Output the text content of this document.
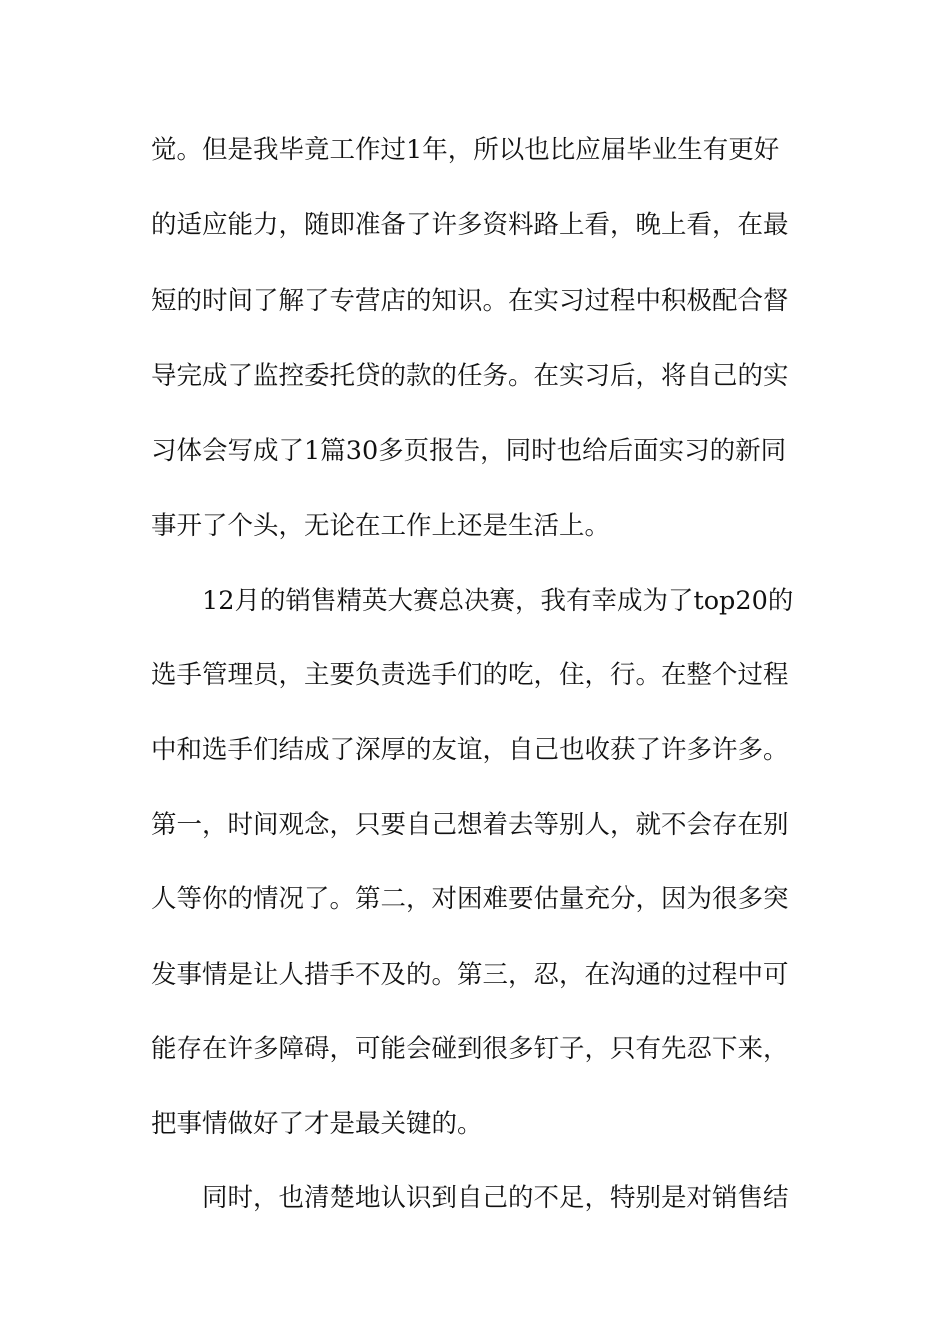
觉。但是我毕竟工作过1年，所以也比应届毕业生有更好
的适应能力，随即准备了许多资料路上看，晚上看，在最
短的时间了解了专营店的知识。在实习过程中积极配合督
导完成了监控委托贷的款的任务。在实习后，将自己的实
习体会写成了1篇30多页报告，同时也给后面实习的新同
事开了个头，无论在工作上还是生活上。
12月的销售精英大赛总决赛，我有幸成为了top20的
选手管理员，主要负责选手们的吃，住，行。在整个过程
中和选手们结成了深厚的友谊，自己也收获了许多许多。
第一，时间观念，只要自己想着去等别人，就不会存在别
人等你的情况了。第二，对困难要估量充分，因为很多突
发事情是让人措手不及的。第三，忍，在沟通的过程中可
能存在许多障碍，可能会碰到很多钉子，只有先忍下来，
把事情做好了才是最关键的。
同时，也清楚地认识到自己的不足，特别是对销售结
